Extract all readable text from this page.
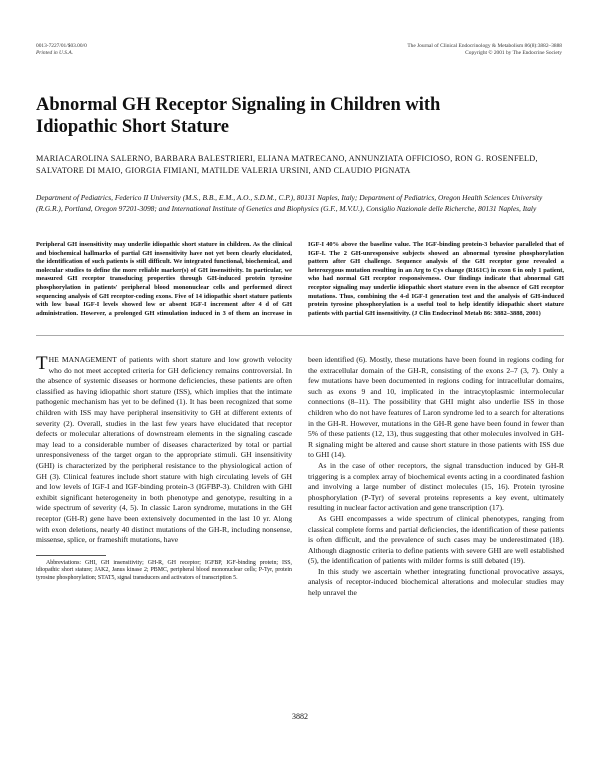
0013-7227/01/$03.00/0
Printed in U.S.A.
The Journal of Clinical Endocrinology & Metabolism 86(8):3882–3888
Copyright © 2001 by The Endocrine Society
Abnormal GH Receptor Signaling in Children with Idiopathic Short Stature

MARIACAROLINA SALERNO, BARBARA BALESTRIERI, ELIANA MATRECANO, ANNUNZIATA OFFICIOSO, RON G. ROSENFELD, SALVATORE DI MAIO, GIORGIA FIMIANI, MATILDE VALERIA URSINI, AND CLAUDIO PIGNATA

Department of Pediatrics, Federico II University (M.S., B.B., E.M., A.O., S.D.M., C.P.), 80131 Naples, Italy; Department of Pediatrics, Oregon Health Sciences University (R.G.R.), Portland, Oregon 97201-3098; and International Institute of Genetics and Biophysics (G.F., M.V.U.), Consiglio Nazionale delle Richerche, 80131 Naples, Italy

Peripheral GH insensitivity may underlie idiopathic short stature in children. As the clinical and biochemical hallmarks of partial GH insensitivity have not yet been clearly elucidated, the identification of such patients is still difficult. We integrated functional, biochemical, and molecular studies to define the more reliable marker(s) of GH insensitivity. In particular, we measured GH receptor transducing properties through GH-induced protein tyrosine phosphorylation in patients' peripheral blood mononuclear cells and performed direct sequencing analysis of GH receptor-coding exons. Five of 14 idiopathic short stature patients with low basal IGF-I levels showed low or absent IGF-I increment after 4 d of GH administration. However, a prolonged GH stimulation induced in 3 of them an increase in IGF-I 40% above the baseline value. The IGF-binding protein-3 behavior paralleled that of IGF-I. The 2 GH-unresponsive subjects showed an abnormal tyrosine phosphorylation pattern after GH challenge. Sequence analysis of the GH receptor gene revealed a heterozygous mutation resulting in an Arg to Cys change (R161C) in exon 6 in only 1 patient, who had normal GH receptor responsiveness. Our findings indicate that abnormal GH receptor signaling may underlie idiopathic short stature even in the absence of GH receptor mutations. Thus, combining the 4-d IGF-I generation test and the analysis of GH-induced protein tyrosine phosphorylation is a useful tool to help identify idiopathic short stature patients with partial GH insensitivity. (J Clin Endocrinol Metab 86: 3882–3888, 2001)

THE MANAGEMENT of patients with short stature and low growth velocity who do not meet accepted criteria for GH deficiency remains controversial. In the absence of systemic diseases or hormone deficiencies, these patients are often classified as having idiopathic short stature (ISS), which implies that the intimate pathogenic mechanism has yet to be defined (1). It has been recognized that some children with ISS may have peripheral insensitivity to GH at different extents of severity (2). Overall, studies in the last few years have elucidated that receptor defects or molecular alterations of downstream elements in the signaling cascade may lead to a considerable number of diseases characterized by total or partial unresponsiveness of the target organ to the appropriate stimuli. GH insensitivity (GHI) is characterized by the peripheral resistance to the physiological action of GH (3). Clinical features include short stature with high circulating levels of GH and low levels of IGF-I and IGF-binding protein-3 (IGFBP-3). Children with GHI exhibit significant heterogeneity in both phenotype and genotype, resulting in a wide spectrum of severity (4, 5). In classic Laron syndrome, mutations in the GH receptor (GH-R) gene have been extensively documented in the last 10 yr. Along with exon deletions, nearly 40 distinct mutations of the GH-R, including nonsense, missense, splice, or frameshift mutations, have

Abbreviations: GHI, GH insensitivity; GH-R, GH receptor; IGFBP, IGF-binding protein; ISS, idiopathic short stature; JAK2, Janus kinase 2; PBMC, peripheral blood mononuclear cells; P-Tyr, protein tyrosine phosphorylation; STAT5, signal transducers and activators of transcription 5.

been identified (6). Mostly, these mutations have been found in regions coding for the extracellular domain of the GH-R, consisting of the exons 2–7 (3, 7). Only a few mutations have been documented in regions coding for intracellular domains, such as exons 9 and 10, implicated in the intracytoplasmic intermolecular connections (8–11). The possibility that GHI might also underlie ISS in those children who do not have features of Laron syndrome led to a search for alterations in the GH-R. However, mutations in the GH-R gene have been found in fewer than 5% of these patients (12, 13), thus suggesting that other molecules involved in GH-R signaling might be altered and cause short stature in those patients with ISS due to GHI (14).

As in the case of other receptors, the signal transduction induced by GH-R triggering is a complex array of biochemical events acting in a coordinated fashion and involving a large number of distinct molecules (15, 16). Protein tyrosine phosphorylation (P-Tyr) of several proteins represents a key event, ultimately resulting in nuclear factor activation and gene transcription (17).

As GHI encompasses a wide spectrum of clinical phenotypes, ranging from classical complete forms and partial deficiencies, the identification of these patients is often difficult, and the prevalence of such cases may be underestimated (18). Although diagnostic criteria to define patients with severe GHI are well established (5), the identification of patients with milder forms is still debated (19).

In this study we ascertain whether integrating functional provocative assays, analysis of receptor-induced biochemical alterations and molecular studies may help unravel the

3882
